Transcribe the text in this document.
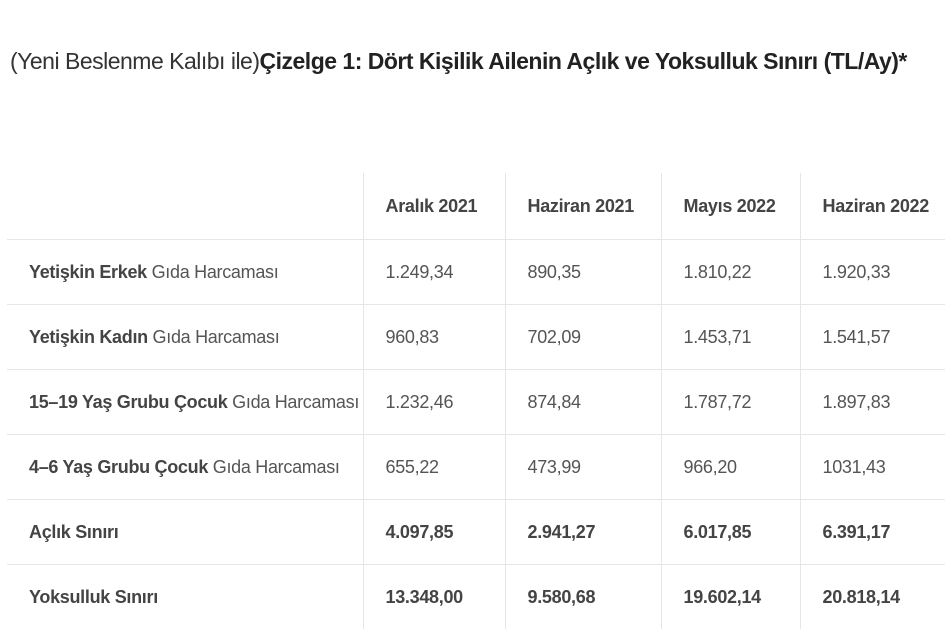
(Yeni Beslenme Kalıbı ile)Çizelge 1: Dört Kişilik Ailenin Açlık ve Yoksulluk Sınırı (TL/Ay)*
	Aralık 2021	Haziran 2021	Mayıs 2022	Haziran 2022
Yetişkin Erkek Gıda Harcaması	1.249,34	890,35	1.810,22	1.920,33
Yetişkin Kadın Gıda Harcaması	960,83	702,09	1.453,71	1.541,57
15–19 Yaş Grubu Çocuk Gıda Harcaması	1.232,46	874,84	1.787,72	1.897,83
4–6 Yaş Grubu Çocuk Gıda Harcaması	655,22	473,99	966,20	1031,43
Açlık Sınırı	4.097,85	2.941,27	6.017,85	6.391,17
Yoksulluk Sınırı	13.348,00	9.580,68	19.602,14	20.818,14
